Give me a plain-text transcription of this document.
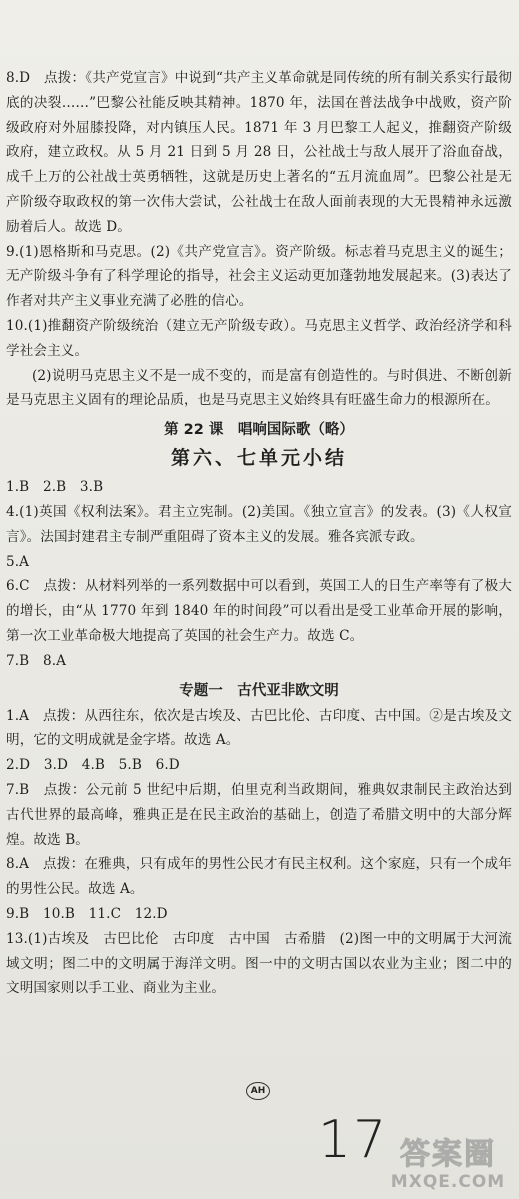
8.D　点拨：《共产党宣言》中说到“共产主义革命就是同传统的所有制关系实行最彻底的决裂……”巴黎公社能反映其精神。1870 年，法国在普法战争中战败，资产阶级政府对外屈膝投降，对内镇压人民。1871 年 3 月巴黎工人起义，推翻资产阶级政府，建立政权。从 5 月 21 日到 5 月 28 日，公社战士与敌人展开了浴血奋战，成千上万的公社战士英勇牺牲，这就是历史上著名的“五月流血周”。巴黎公社是无产阶级夺取政权的第一次伟大尝试，公社战士在敌人面前表现的大无畏精神永远激励着后人。故选 D。

9.(1)恩格斯和马克思。(2)《共产党宣言》。资产阶级。标志着马克思主义的诞生；无产阶级斗争有了科学理论的指导，社会主义运动更加蓬勃地发展起来。(3)表达了作者对共产主义事业充满了必胜的信心。

10.(1)推翻资产阶级统治（建立无产阶级专政）。马克思主义哲学、政治经济学和科学社会主义。

(2)说明马克思主义不是一成不变的，而是富有创造性的。与时俱进、不断创新是马克思主义固有的理论品质，也是马克思主义始终具有旺盛生命力的根源所在。

第 22 课　唱响国际歌（略）
第六、七单元小结

1.B　2.B　3.B

4.(1)英国《权利法案》。君主立宪制。(2)美国。《独立宣言》的发表。(3)《人权宣言》。法国封建君主专制严重阻碍了资本主义的发展。雅各宾派专政。

5.A

6.C　点拨：从材料列举的一系列数据中可以看到，英国工人的日生产率等有了极大的增长，由“从 1770 年到 1840 年的时间段”可以看出是受工业革命开展的影响，第一次工业革命极大地提高了英国的社会生产力。故选 C。

7.B　8.A

专题一　古代亚非欧文明

1.A　点拨：从西往东，依次是古埃及、古巴比伦、古印度、古中国。②是古埃及文明，它的文明成就是金字塔。故选 A。

2.D　3.D　4.B　5.B　6.D

7.B　点拨：公元前 5 世纪中后期，伯里克利当政期间，雅典奴隶制民主政治达到古代世界的最高峰，雅典正是在民主政治的基础上，创造了希腊文明中的大部分辉煌。故选 B。

8.A　点拨：在雅典，只有成年的男性公民才有民主权利。这个家庭，只有一个成年的男性公民。故选 A。

9.B　10.B　11.C　12.D

13.(1)古埃及　古巴比伦　古印度　古中国　古希腊　(2)图一中的文明属于大河流域文明；图二中的文明属于海洋文明。图一中的文明古国以农业为主业；图二中的文明国家则以手工业、商业为主业。

AH
17 答案圈
MXQE.COM
